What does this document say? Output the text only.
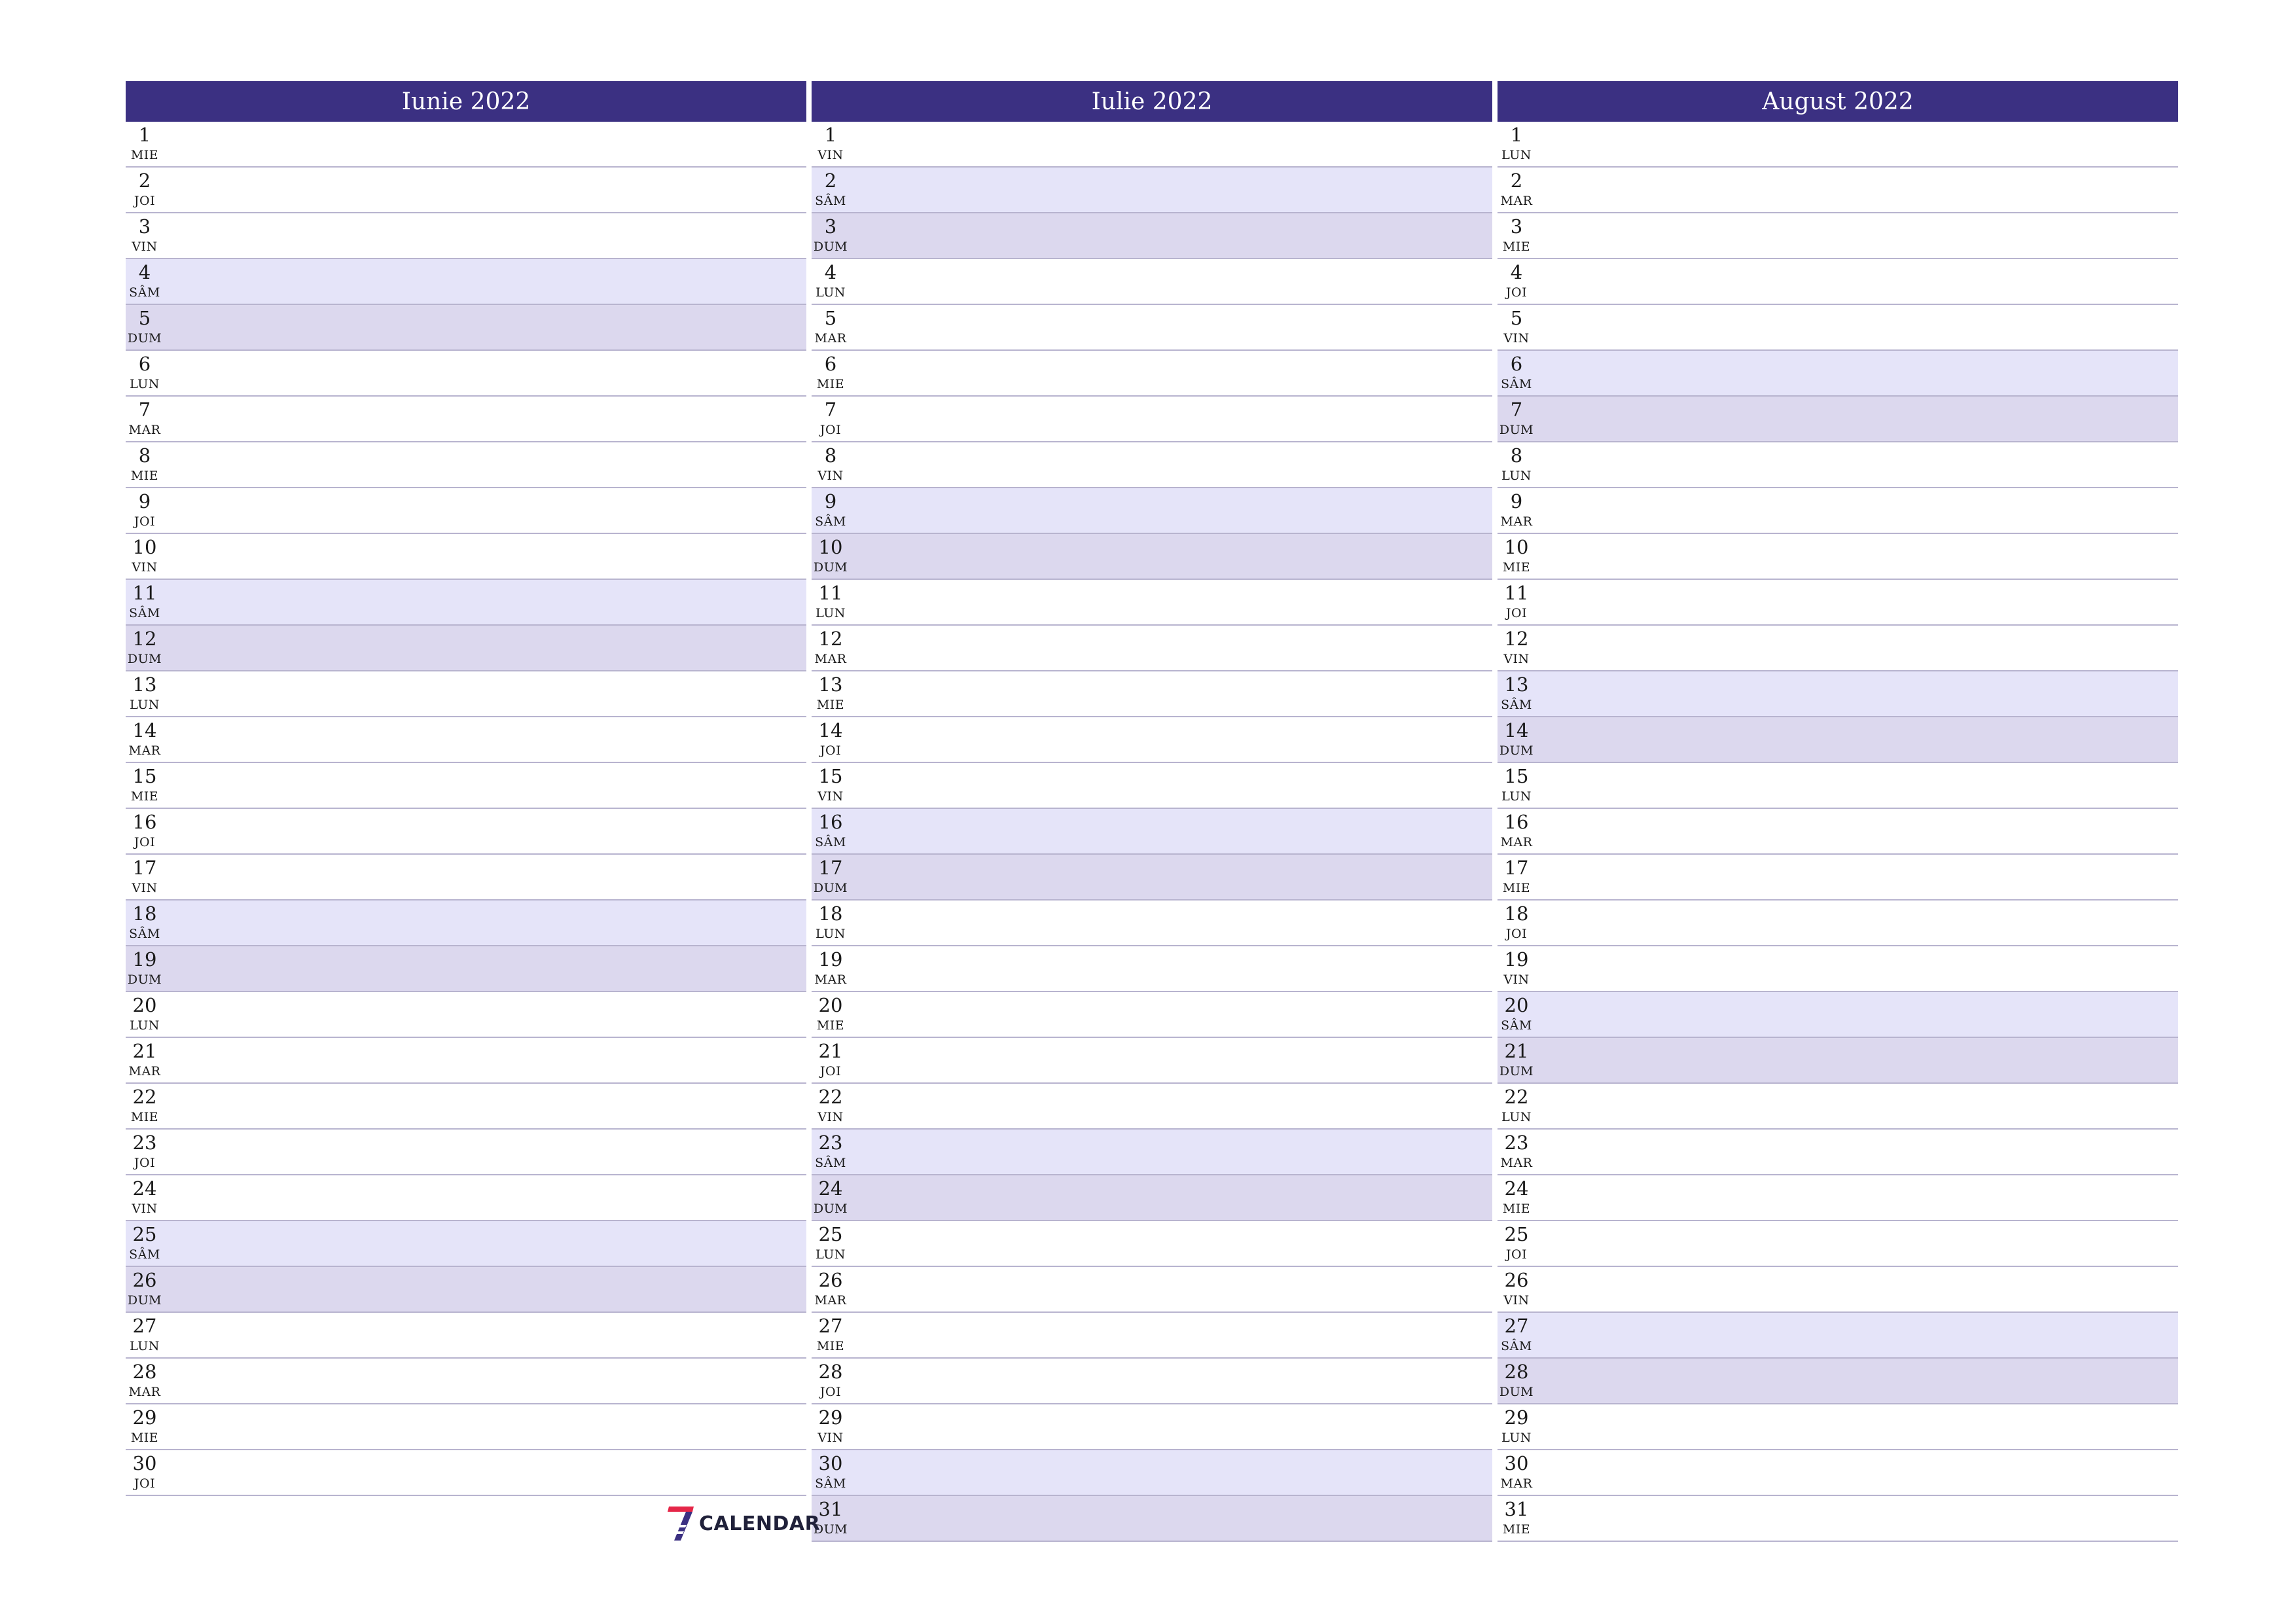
Iunie 2022
1
MIE
2
JOI
3
VIN
4
SÂM
5
DUM
6
LUN
7
MAR
8
MIE
9
JOI
10
VIN
11
SÂM
12
DUM
13
LUN
14
MAR
15
MIE
16
JOI
17
VIN
18
SÂM
19
DUM
20
LUN
21
MAR
22
MIE
23
JOI
24
VIN
25
SÂM
26
DUM
27
LUN
28
MAR
29
MIE
30
JOI
Iulie 2022
1
VIN
2
SÂM
3
DUM
4
LUN
5
MAR
6
MIE
7
JOI
8
VIN
9
SÂM
10
DUM
11
LUN
12
MAR
13
MIE
14
JOI
15
VIN
16
SÂM
17
DUM
18
LUN
19
MAR
20
MIE
21
JOI
22
VIN
23
SÂM
24
DUM
25
LUN
26
MAR
27
MIE
28
JOI
29
VIN
30
SÂM
31
DUM
August 2022
1
LUN
2
MAR
3
MIE
4
JOI
5
VIN
6
SÂM
7
DUM
8
LUN
9
MAR
10
MIE
11
JOI
12
VIN
13
SÂM
14
DUM
15
LUN
16
MAR
17
MIE
18
JOI
19
VIN
20
SÂM
21
DUM
22
LUN
23
MAR
24
MIE
25
JOI
26
VIN
27
SÂM
28
DUM
29
LUN
30
MAR
31
MIE
CALENDAR
